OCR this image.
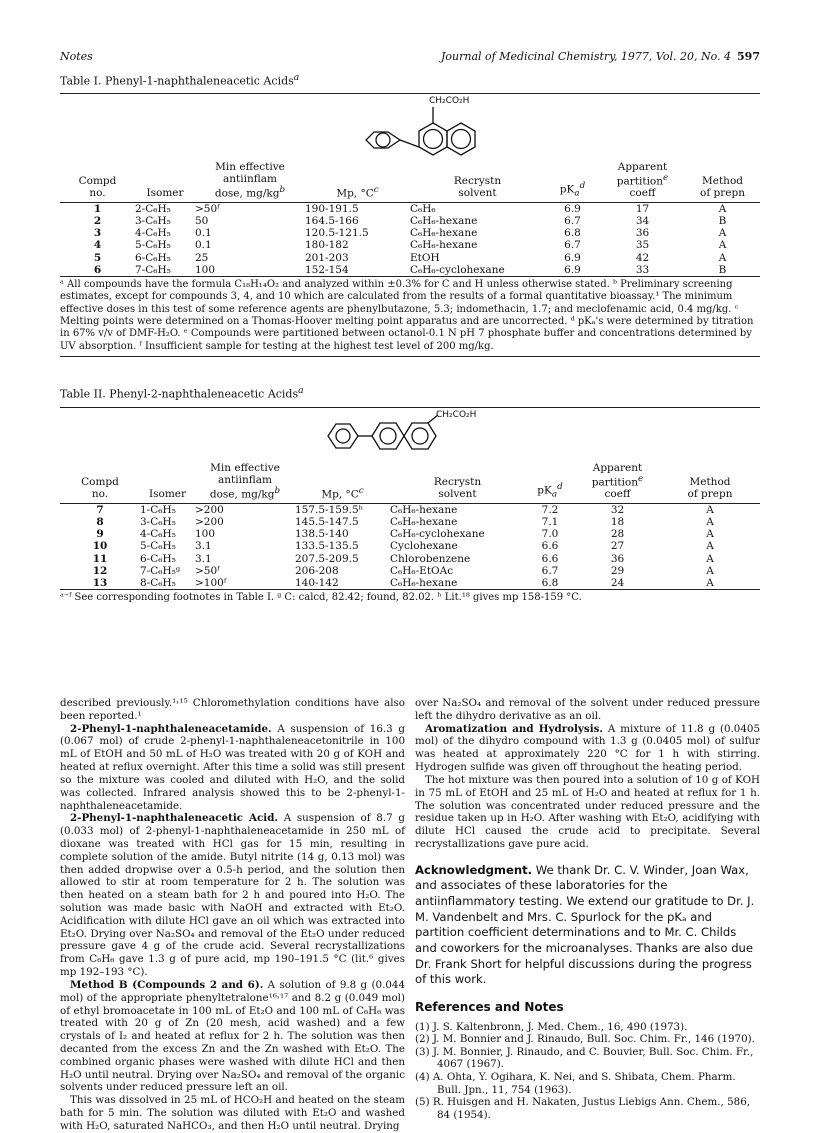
Notes	Journal of Medicinal Chemistry, 1977, Vol. 20, No. 4 597
Table I. Phenyl-1-naphthaleneacetic Acids$^a$
CH₂CO₂H
Compd
no.	Isomer	Min effective
antiinflam
dose, $mg/kg^b$	Mp, $^\circ C^c$	Recrystn
solvent	$pK_a^d$	Apparent
partition$^e$
coeff	Method
of prepn
1	2-C₆H₅	>50ᶠ	190-191.5	C₆H₆	6.9	17	A
2	3-C₆H₅	50	164.5-166	C₆H₆-hexane	6.7	34	B
3	4-C₆H₅	0.1	120.5-121.5	C₆H₆-hexane	6.8	36	A
4	5-C₆H₅	0.1	180-182	C₆H₆-hexane	6.7	35	A
5	6-C₆H₅	25	201-203	EtOH	6.9	42	A
6	7-C₆H₅	100	152-154	C₆H₆-cyclohexane	6.9	33	B
ᵃ All compounds have the formula C₁₈H₁₄O₂ and analyzed within ±0.3% for C and H unless otherwise stated. ᵇ Preliminary screening estimates, except for compounds 3, 4, and 10 which are calculated from the results of a formal quantitative bioassay.¹ The minimum effective doses in this test of some reference agents are phenylbutazone, 5.3; indomethacin, 1.7; and meclofenamic acid, 0.4 mg/kg. ᶜ Melting points were determined on a Thomas-Hoover melting point apparatus and are uncorrected. ᵈ pKₐ's were determined by titration in 67% v/v of DMF-H₂O. ᵉ Compounds were partitioned between octanol-0.1 N pH 7 phosphate buffer and concentrations determined by UV absorption. ᶠ Insufficient sample for testing at the highest test level of 200 mg/kg.
Table II. Phenyl-2-naphthaleneacetic Acids$^a$
CH₂CO₂H
Compd
no.	Isomer	Min effective
antiinflam
dose, $mg/kg^b$	Mp, $^\circ C^c$	Recrystn
solvent	$pK_a^d$	Apparent
partition$^e$
coeff	Method
of prepn
7	1-C₆H₅	>200	157.5-159.5ʰ	C₆H₆-hexane	7.2	32	A
8	3-C₆H₅	>200	145.5-147.5	C₆H₆-hexane	7.1	18	A
9	4-C₆H₅	100	138.5-140	C₆H₆-cyclohexane	7.0	28	A
10	5-C₆H₅	3.1	133.5-135.5	Cyclohexane	6.6	27	A
11	6-C₆H₅	3.1	207.5-209.5	Chlorobenzene	6.6	36	A
12	7-C₆H₅ᵍ	>50ᶠ	206-208	C₆H₆-EtOAc	6.7	29	A
13	8-C₆H₅	>100ᶠ	140-142	C₆H₆-hexane	6.8	24	A
ᵃ⁻ᶠ See corresponding footnotes in Table I. ᵍ C: calcd, 82.42; found, 82.02. ʰ Lit.¹⁸ gives mp 158-159 °C.

described previously.¹˒¹⁵ Chloromethylation conditions have also been reported.¹

2-Phenyl-1-naphthaleneacetamide. A suspension of 16.3 g (0.067 mol) of crude 2-phenyl-1-naphthaleneacetonitrile in 100 mL of EtOH and 50 mL of H₂O was treated with 20 g of KOH and heated at reflux overnight. After this time a solid was still present so the mixture was cooled and diluted with H₂O, and the solid was collected. Infrared analysis showed this to be 2-phenyl-1-naphthaleneacetamide.

2-Phenyl-1-naphthaleneacetic Acid. A suspension of 8.7 g (0.033 mol) of 2-phenyl-1-naphthaleneacetamide in 250 mL of dioxane was treated with HCl gas for 15 min, resulting in complete solution of the amide. Butyl nitrite (14 g, 0.13 mol) was then added dropwise over a 0.5-h period, and the solution then allowed to stir at room temperature for 2 h. The solution was then heated on a steam bath for 2 h and poured into H₂O. The solution was made basic with NaOH and extracted with Et₂O. Acidification with dilute HCl gave an oil which was extracted into Et₂O. Drying over Na₂SO₄ and removal of the Et₂O under reduced pressure gave 4 g of the crude acid. Several recrystallizations from C₆H₆ gave 1.3 g of pure acid, mp 190–191.5 °C (lit.⁶ gives mp 192–193 °C).

Method B (Compounds 2 and 6). A solution of 9.8 g (0.044 mol) of the appropriate phenyltetralone¹⁶˒¹⁷ and 8.2 g (0.049 mol) of ethyl bromoacetate in 100 mL of Et₂O and 100 mL of C₆H₆ was treated with 20 g of Zn (20 mesh, acid washed) and a few crystals of I₂ and heated at reflux for 2 h. The solution was then decanted from the excess Zn and the Zn washed with Et₂O. The combined organic phases were washed with dilute HCl and then H₂O until neutral. Drying over Na₂SO₄ and removal of the organic solvents under reduced pressure left an oil.

This was dissolved in 25 mL of HCO₂H and heated on the steam bath for 5 min. The solution was diluted with Et₂O and washed with H₂O, saturated NaHCO₃, and then H₂O until neutral. Drying

over Na₂SO₄ and removal of the solvent under reduced pressure left the dihydro derivative as an oil.

Aromatization and Hydrolysis. A mixture of 11.8 g (0.0405 mol) of the dihydro compound with 1.3 g (0.0405 mol) of sulfur was heated at approximately 220 °C for 1 h with stirring. Hydrogen sulfide was given off throughout the heating period.

The hot mixture was then poured into a solution of 10 g of KOH in 75 mL of EtOH and 25 mL of H₂O and heated at reflux for 1 h. The solution was concentrated under reduced pressure and the residue taken up in H₂O. After washing with Et₂O, acidifying with dilute HCl caused the crude acid to precipitate. Several recrystallizations gave pure acid.

Acknowledgment. We thank Dr. C. V. Winder, Joan Wax, and associates of these laboratories for the antiinflammatory testing. We extend our gratitude to Dr. J. M. Vandenbelt and Mrs. C. Spurlock for the pKₐ and partition coefficient determinations and to Mr. C. Childs and coworkers for the microanalyses. Thanks are also due Dr. Frank Short for helpful discussions during the progress of this work.
References and Notes
(1) J. S. Kaltenbronn, J. Med. Chem., 16, 490 (1973).
(2) J. M. Bonnier and J. Rinaudo, Bull. Soc. Chim. Fr., 146 (1970).
(3) J. M. Bonnier, J. Rinaudo, and C. Bouvier, Bull. Soc. Chim. Fr., 4067 (1967).
(4) A. Ohta, Y. Ogihara, K. Nei, and S. Shibata, Chem. Pharm. Bull. Jpn., 11, 754 (1963).
(5) R. Huisgen and H. Nakaten, Justus Liebigs Ann. Chem., 586, 84 (1954).
